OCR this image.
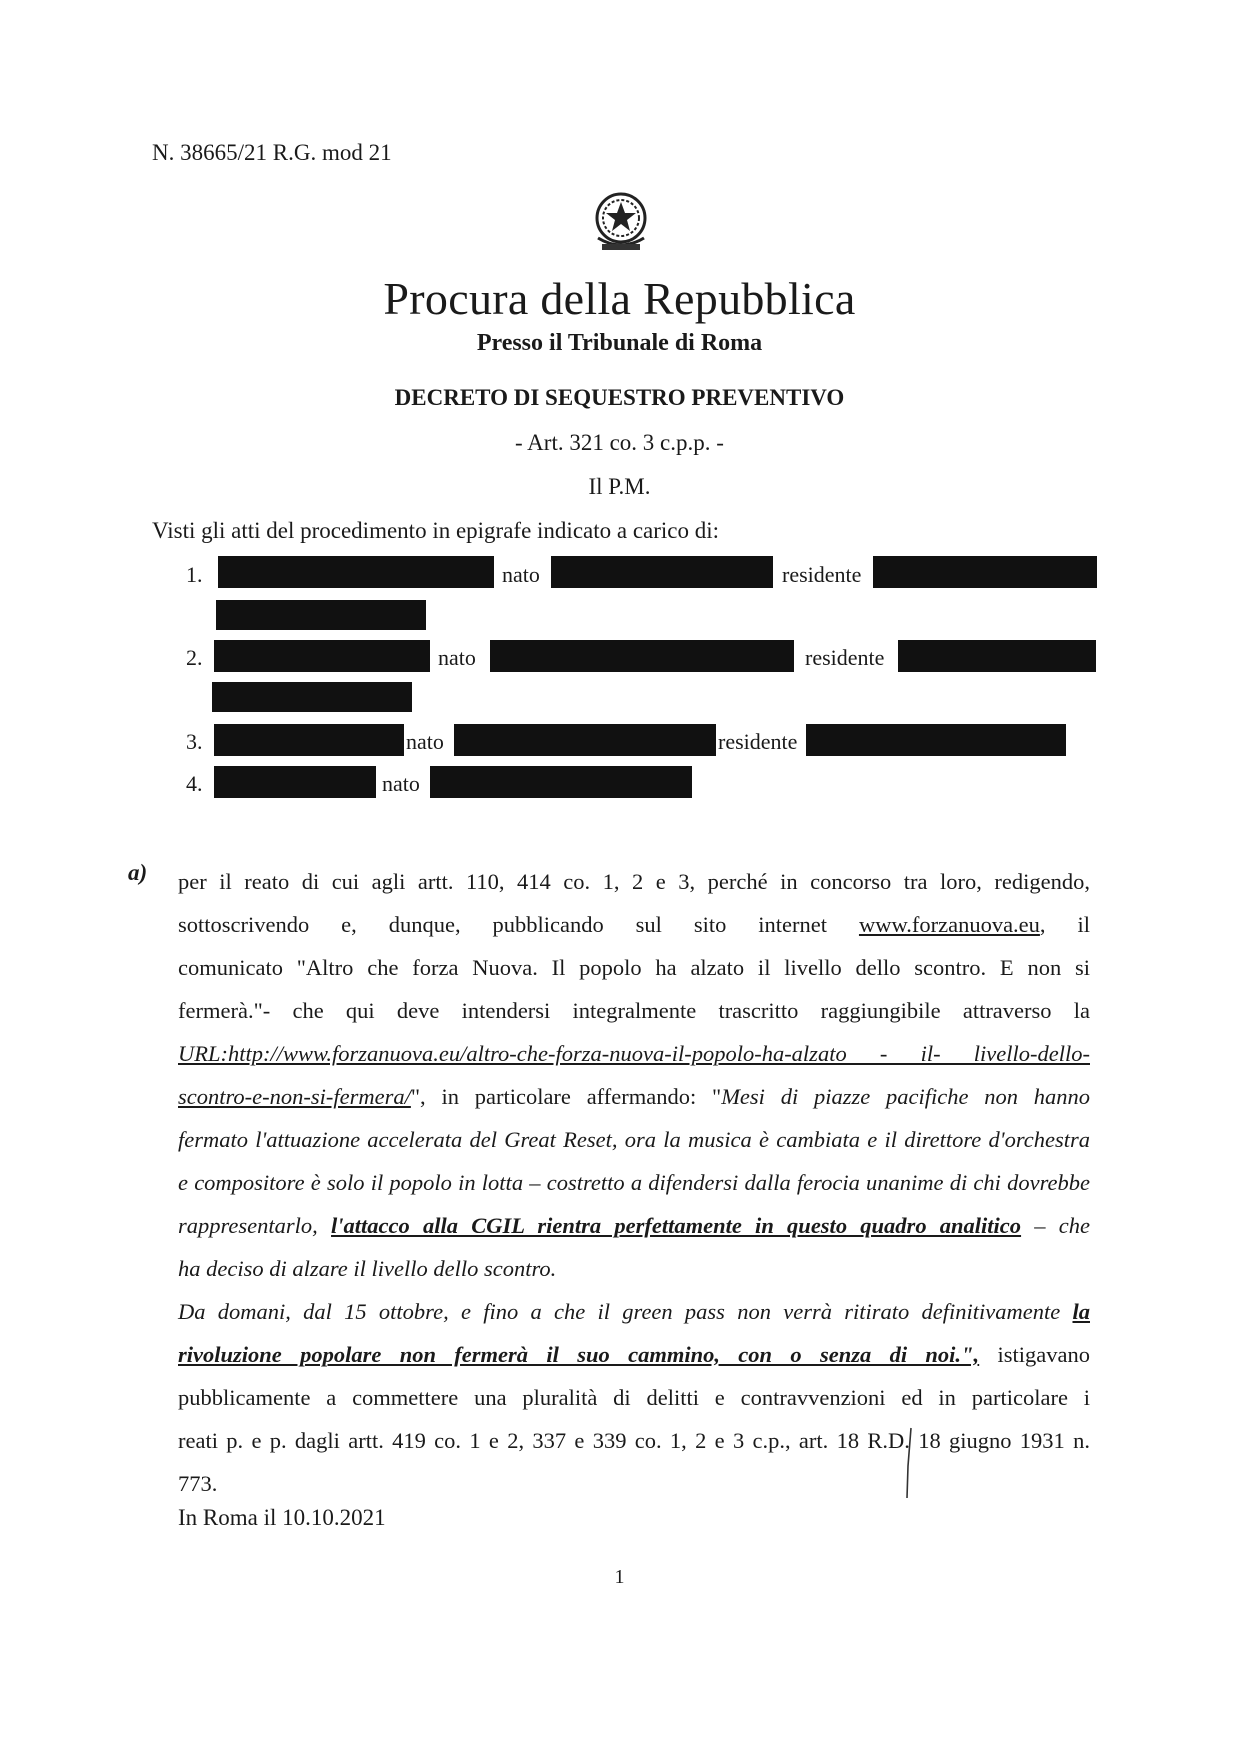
N. 38665/21 R.G. mod 21
Procura della Repubblica
Presso il Tribunale di Roma
DECRETO DI SEQUESTRO PREVENTIVO
- Art. 321 co. 3 c.p.p. -
Il P.M.
Visti gli atti del procedimento in epigrafe indicato a carico di:
1.	nato	residente
2.	nato	residente
3.	nato	residente
4.	nato
a) per il reato di cui agli artt. 110, 414 co. 1, 2 e 3, perché in concorso tra loro, redigendo,
sottoscrivendo e, dunque, pubblicando sul sito internet www.forzanuova.eu, il
comunicato "Altro che forza Nuova. Il popolo ha alzato il livello dello scontro. E non si
fermerà."- che qui deve intendersi integralmente trascritto raggiungibile attraverso la
URL:http://www.forzanuova.eu/altro-che-forza-nuova-il-popolo-ha-alzato - il- livello-dello-
scontro-e-non-si-fermera/", in particolare affermando: "Mesi di piazze pacifiche non hanno
fermato l'attuazione accelerata del Great Reset, ora la musica è cambiata e il direttore d'orchestra
e compositore è solo il popolo in lotta – costretto a difendersi dalla ferocia unanime di chi dovrebbe
rappresentarlo, l'attacco alla CGIL rientra perfettamente in questo quadro analitico – che
ha deciso di alzare il livello dello scontro.
Da domani, dal 15 ottobre, e fino a che il green pass non verrà ritirato definitivamente la
rivoluzione popolare non fermerà il suo cammino, con o senza di noi.", istigavano
pubblicamente a commettere una pluralità di delitti e contravvenzioni ed in particolare i
reati p. e p. dagli artt. 419 co. 1 e 2, 337 e 339 co. 1, 2 e 3 c.p., art. 18 R.D. 18 giugno 1931 n.
773.
In Roma il 10.10.2021
1
